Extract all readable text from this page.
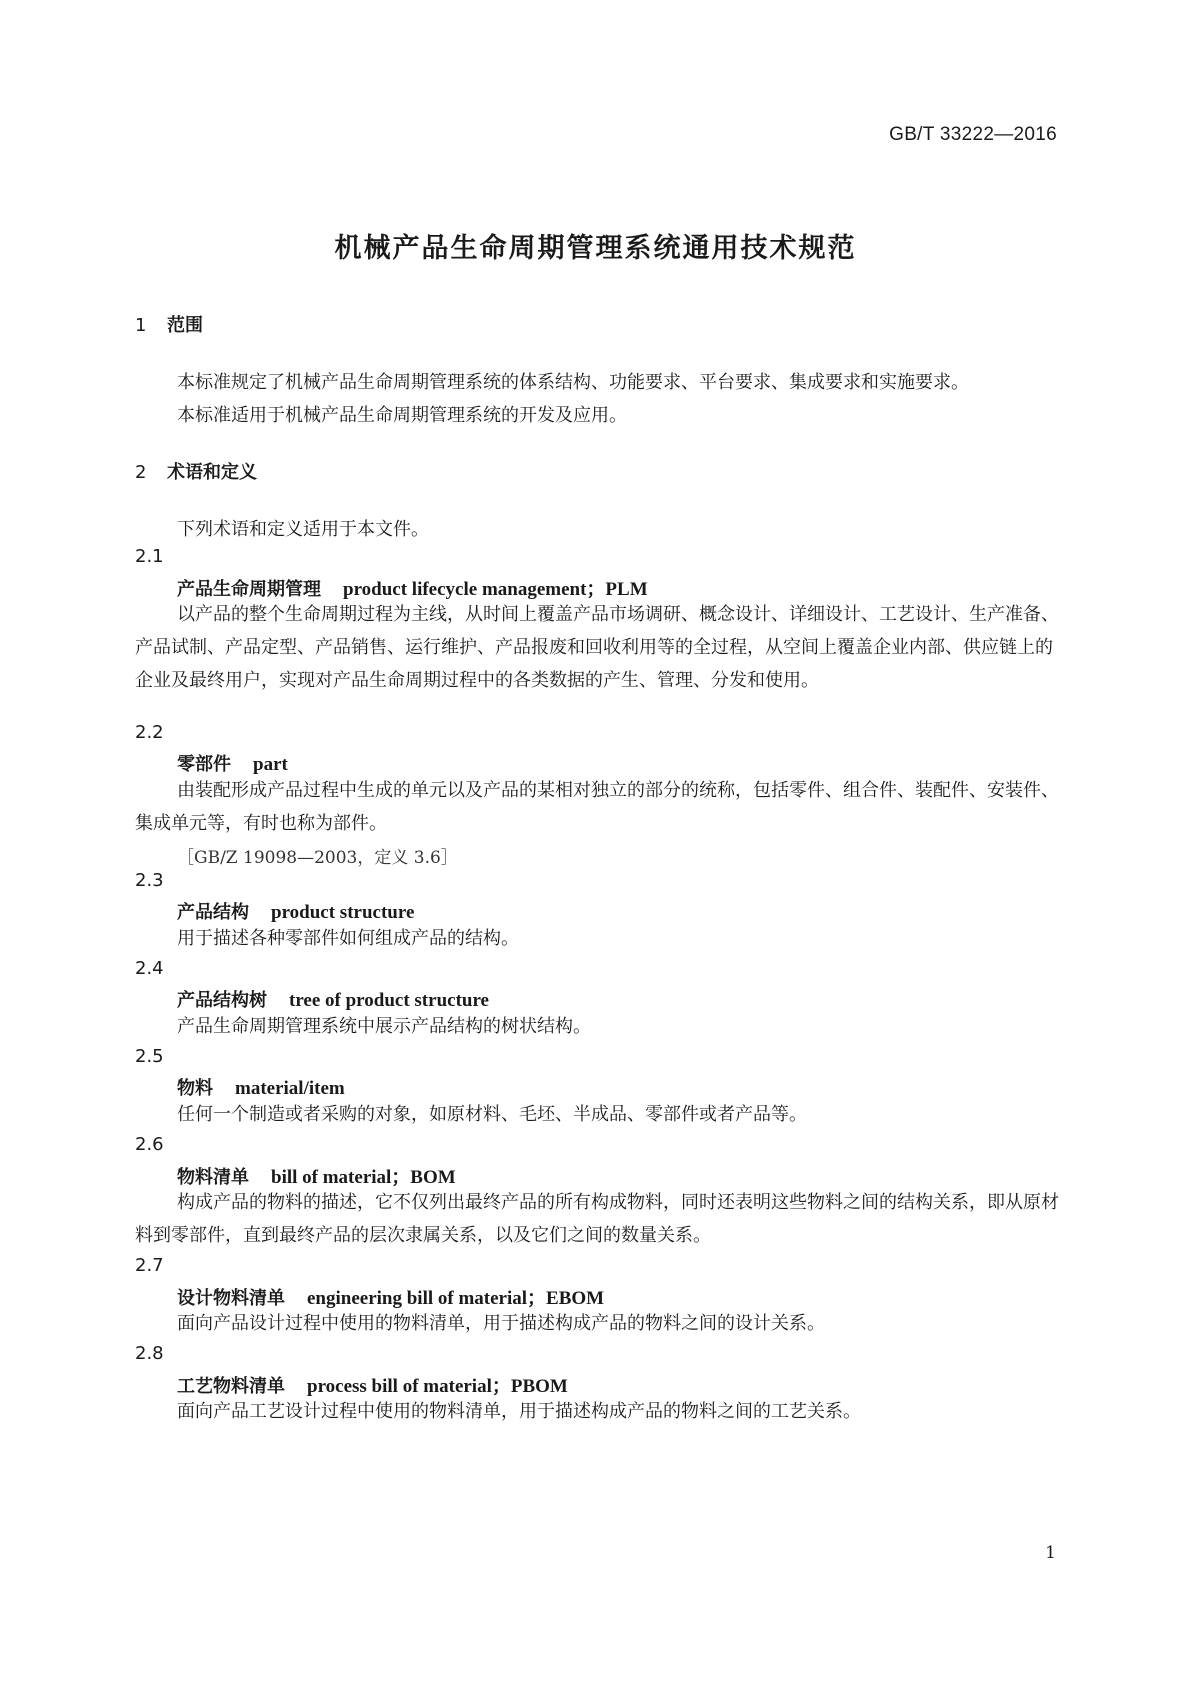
GB/T 33222—2016
机械产品生命周期管理系统通用技术规范
1 范围
本标准规定了机械产品生命周期管理系统的体系结构、功能要求、平台要求、集成要求和实施要求。
本标准适用于机械产品生命周期管理系统的开发及应用。
2 术语和定义
下列术语和定义适用于本文件。
2.1
产品生命周期管理 product lifecycle management；PLM
以产品的整个生命周期过程为主线，从时间上覆盖产品市场调研、概念设计、详细设计、工艺设计、生产准备、产品试制、产品定型、产品销售、运行维护、产品报废和回收利用等的全过程，从空间上覆盖企业内部、供应链上的企业及最终用户，实现对产品生命周期过程中的各类数据的产生、管理、分发和使用。
2.2
零部件 part
由装配形成产品过程中生成的单元以及产品的某相对独立的部分的统称，包括零件、组合件、装配件、安装件、集成单元等，有时也称为部件。
［GB/Z 19098—2003，定义 3.6］
2.3
产品结构 product structure
用于描述各种零部件如何组成产品的结构。
2.4
产品结构树 tree of product structure
产品生命周期管理系统中展示产品结构的树状结构。
2.5
物料 material/item
任何一个制造或者采购的对象，如原材料、毛坯、半成品、零部件或者产品等。
2.6
物料清单 bill of material；BOM
构成产品的物料的描述，它不仅列出最终产品的所有构成物料，同时还表明这些物料之间的结构关系，即从原材料到零部件，直到最终产品的层次隶属关系，以及它们之间的数量关系。
2.7
设计物料清单 engineering bill of material；EBOM
面向产品设计过程中使用的物料清单，用于描述构成产品的物料之间的设计关系。
2.8
工艺物料清单 process bill of material；PBOM
面向产品工艺设计过程中使用的物料清单，用于描述构成产品的物料之间的工艺关系。
1
